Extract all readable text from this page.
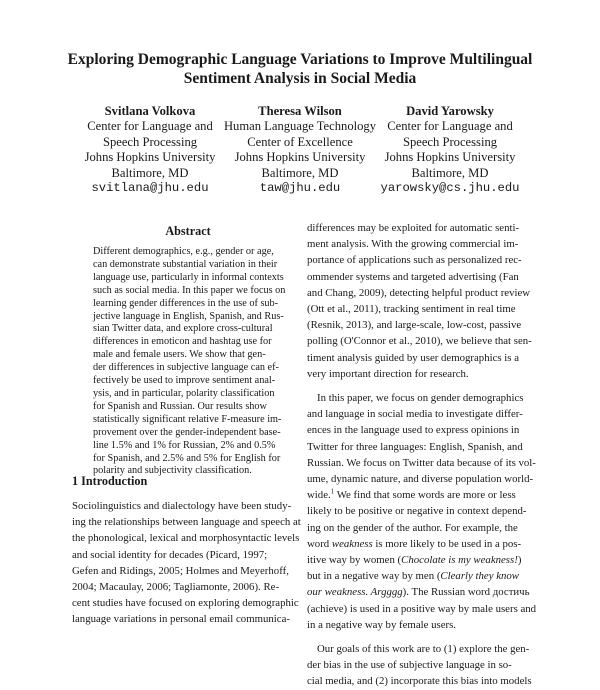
Exploring Demographic Language Variations to Improve Multilingual
Sentiment Analysis in Social Media
Svitlana Volkova
Center for Language and
Speech Processing
Johns Hopkins University
Baltimore, MD
svitlana@jhu.edu
Theresa Wilson
Human Language Technology
Center of Excellence
Johns Hopkins University
Baltimore, MD
taw@jhu.edu
David Yarowsky
Center for Language and
Speech Processing
Johns Hopkins University
Baltimore, MD
yarowsky@cs.jhu.edu
Abstract
Different demographics, e.g., gender or age,
can demonstrate substantial variation in their
language use, particularly in informal contexts
such as social media. In this paper we focus on
learning gender differences in the use of sub-
jective language in English, Spanish, and Rus-
sian Twitter data, and explore cross-cultural
differences in emoticon and hashtag use for
male and female users. We show that gen-
der differences in subjective language can ef-
fectively be used to improve sentiment anal-
ysis, and in particular, polarity classification
for Spanish and Russian. Our results show
statistically significant relative F-measure im-
provement over the gender-independent base-
line 1.5% and 1% for Russian, 2% and 0.5%
for Spanish, and 2.5% and 5% for English for
polarity and subjectivity classification.
1 Introduction
Sociolinguistics and dialectology have been study-
ing the relationships between language and speech at
the phonological, lexical and morphosyntactic levels
and social identity for decades (Picard, 1997;
Gefen and Ridings, 2005; Holmes and Meyerhoff,
2004; Macaulay, 2006; Tagliamonte, 2006). Re-
cent studies have focused on exploring demographic
language variations in personal email communica-
differences may be exploited for automatic senti-
ment analysis. With the growing commercial im-
portance of applications such as personalized rec-
ommender systems and targeted advertising (Fan
and Chang, 2009), detecting helpful product review
(Ott et al., 2011), tracking sentiment in real time
(Resnik, 2013), and large-scale, low-cost, passive
polling (O'Connor et al., 2010), we believe that sen-
timent analysis guided by user demographics is a
very important direction for research.
In this paper, we focus on gender demographics
and language in social media to investigate differ-
ences in the language used to express opinions in
Twitter for three languages: English, Spanish, and
Russian. We focus on Twitter data because of its vol-
ume, dynamic nature, and diverse population world-
wide.$^1$ We find that some words are more or less
likely to be positive or negative in context depend-
ing on the gender of the author. For example, the
word weakness is more likely to be used in a pos-
itive way by women (Chocolate is my weakness!)
but in a negative way by men (Clearly they know
our weakness. Argggg). The Russian word достичь
(achieve) is used in a positive way by male users and
in a negative way by female users.
Our goals of this work are to (1) explore the gen-
der bias in the use of subjective language in so-
cial media, and (2) incorporate this bias into models
